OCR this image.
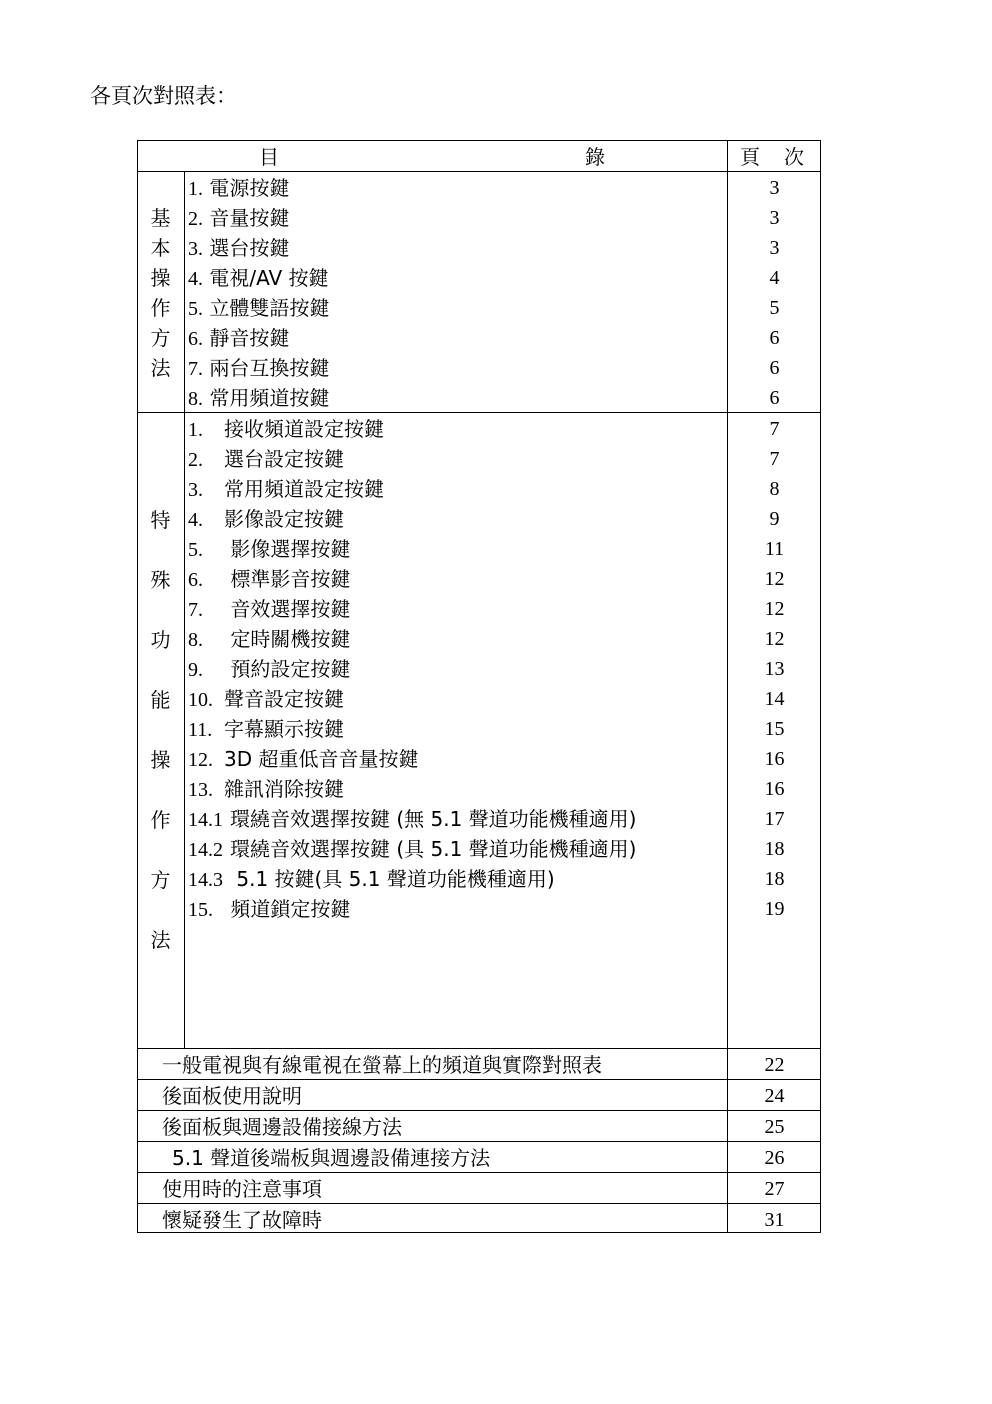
各頁次對照表：
目	錄	頁　次
基
本
操
作
方
法
1. 電源按鍵	3
2. 音量按鍵	3
3. 選台按鍵	3
4. 電視/AV 按鍵	4
5. 立體雙語按鍵	5
6. 靜音按鍵	6
7. 兩台互換按鍵	6
8. 常用頻道按鍵	6
特
殊
功
能
操
作
方
法
1. 接收頻道設定按鍵	7
2. 選台設定按鍵	7
3. 常用頻道設定按鍵	8
4. 影像設定按鍵	9
5. 影像選擇按鍵	11
6. 標準影音按鍵	12
7. 音效選擇按鍵	12
8. 定時關機按鍵	12
9. 預約設定按鍵	13
10. 聲音設定按鍵	14
11. 字幕顯示按鍵	15
12. 3D 超重低音音量按鍵	16
13. 雜訊消除按鍵	16
14.1 環繞音效選擇按鍵 (無 5.1 聲道功能機種適用)	17
14.2 環繞音效選擇按鍵 (具 5.1 聲道功能機種適用)	18
14.3 5.1 按鍵(具 5.1 聲道功能機種適用)	18
15. 頻道鎖定按鍵	19
一般電視與有線電視在螢幕上的頻道與實際對照表	22
後面板使用說明	24
後面板與週邊設備接線方法	25
5.1 聲道後端板與週邊設備連接方法	26
使用時的注意事項	27
懷疑發生了故障時	31
